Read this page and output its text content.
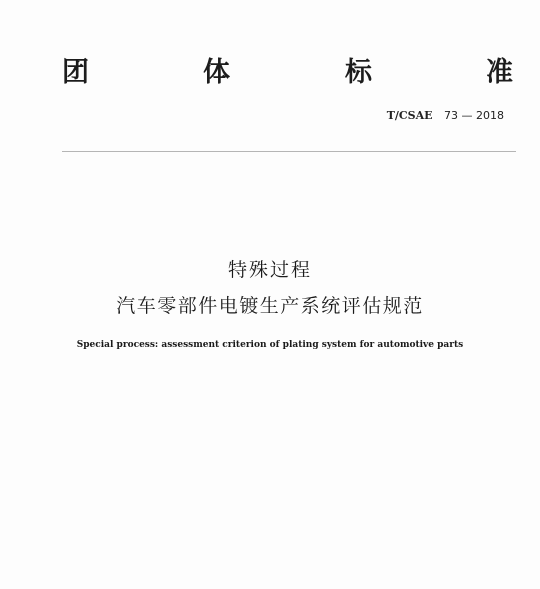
团	体	标	准
T/CSAE 73 — 2018
特殊过程
汽车零部件电镀生产系统评估规范
Special process: assessment criterion of plating system for automotive parts
